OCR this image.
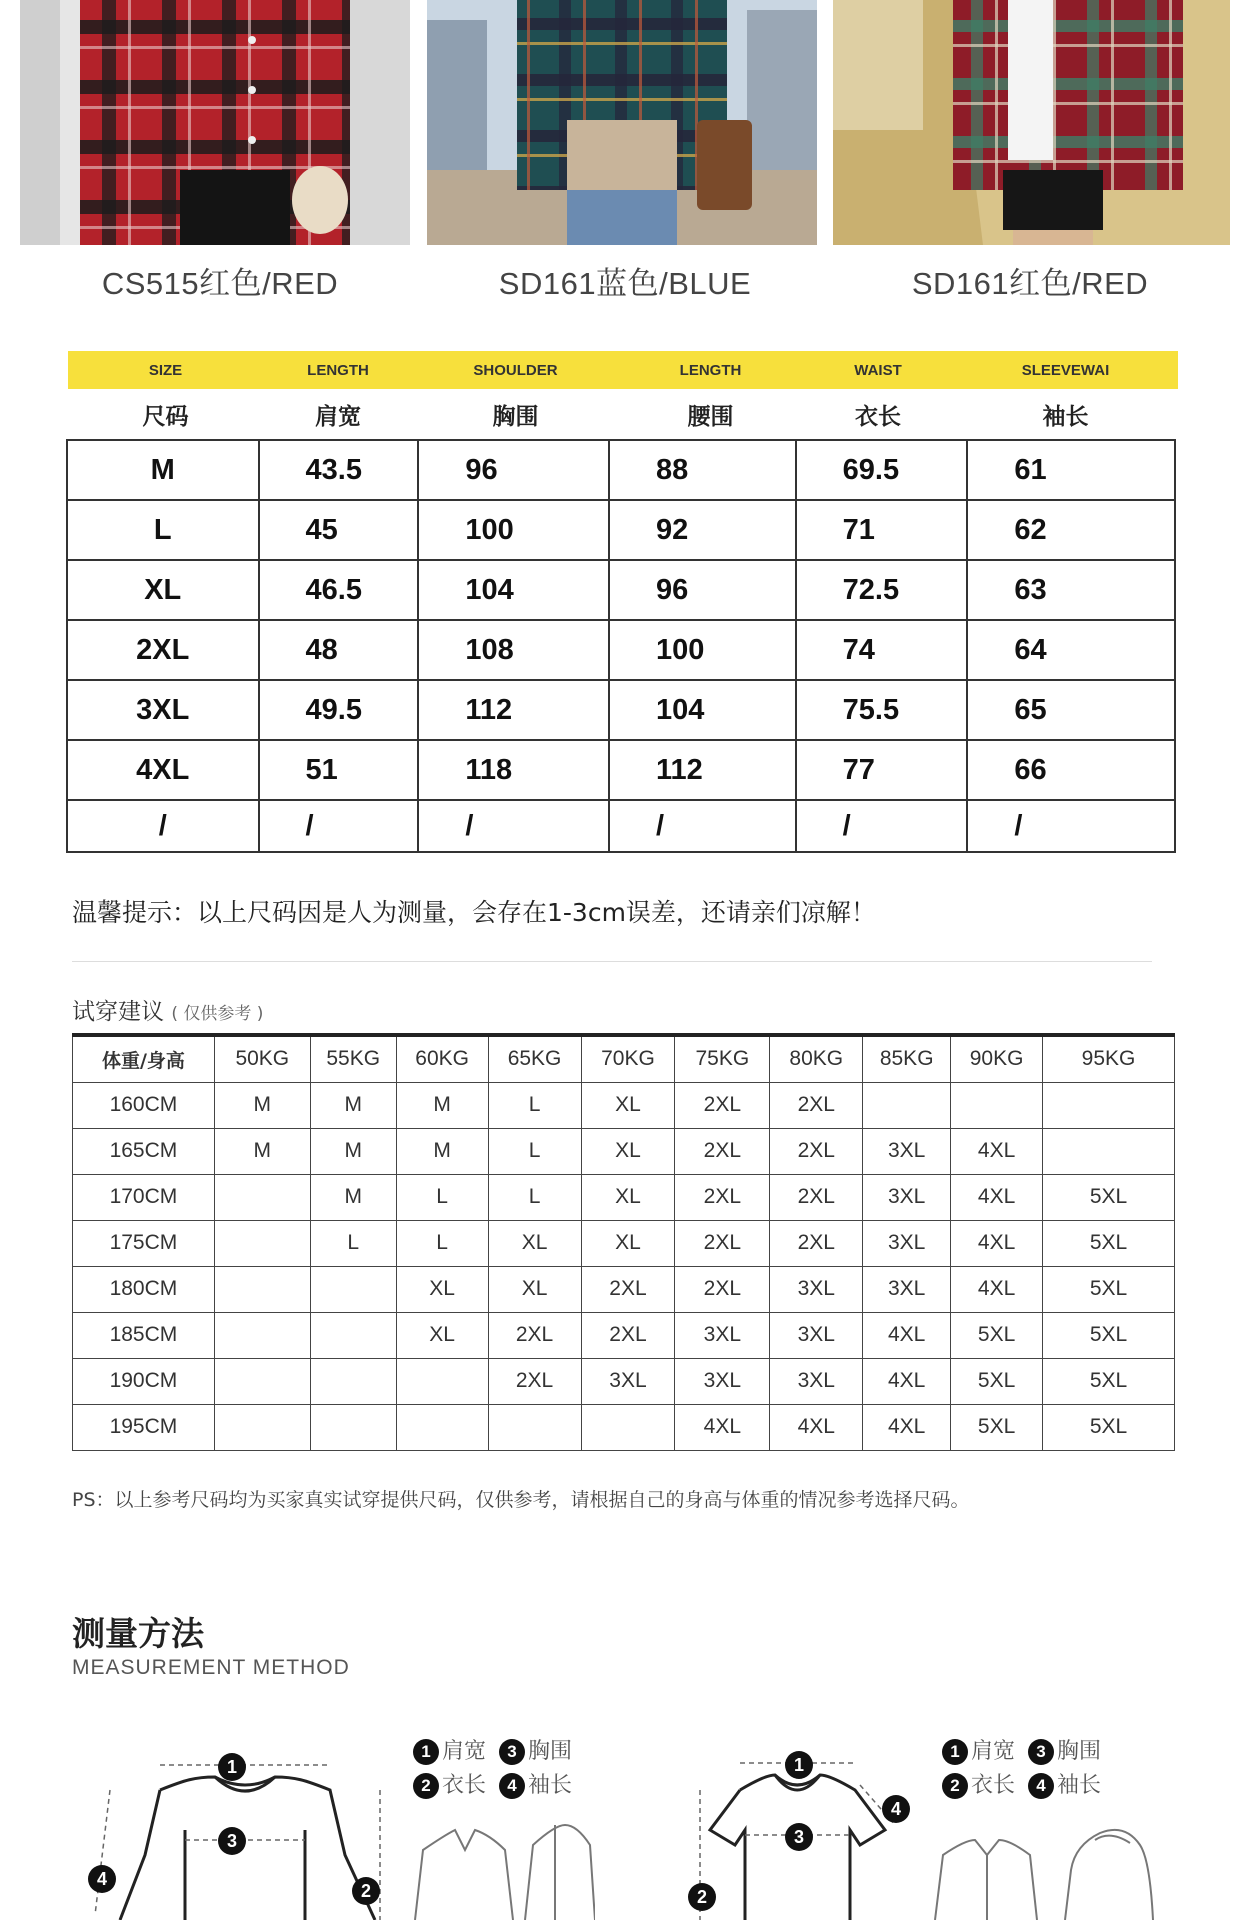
CS515红色/RED	SD161蓝色/BLUE	SD161红色/RED
SIZE	LENGTH	SHOULDER	LENGTH	WAIST	SLEEVEWAI
尺码	肩宽	胸围	腰围	衣长	袖长
M	43.5	96	88	69.5	61
L	45	100	92	71	62
XL	46.5	104	96	72.5	63
2XL	48	108	100	74	64
3XL	49.5	112	104	75.5	65
4XL	51	118	112	77	66
/	/	/	/	/	/
温馨提示：以上尺码因是人为测量，会存在1-3cm误差，还请亲们凉解！
试穿建议 ( 仅供参考 )
体重/身高	50KG	55KG	60KG	65KG	70KG	75KG	80KG	85KG	90KG	95KG
160CM	M	M	M	L	XL	2XL	2XL			
165CM	M	M	M	L	XL	2XL	2XL	3XL	4XL	
170CM		M	L	L	XL	2XL	2XL	3XL	4XL	5XL
175CM		L	L	XL	XL	2XL	2XL	3XL	4XL	5XL
180CM			XL	XL	2XL	2XL	3XL	3XL	4XL	5XL
185CM			XL	2XL	2XL	3XL	3XL	4XL	5XL	5XL
190CM				2XL	3XL	3XL	3XL	4XL	5XL	5XL
195CM						4XL	4XL	4XL	5XL	5XL
PS：以上参考尺码均为买家真实试穿提供尺码，仅供参考，请根据自己的身高与体重的情况参考选择尺码。
测量方法
MEASUREMENT METHOD
1 肩宽 3 胸围
2 衣长 4 袖长
1 肩宽 3 胸围
2 衣长 4 袖长
1
3
4
2
1
3
2
4
